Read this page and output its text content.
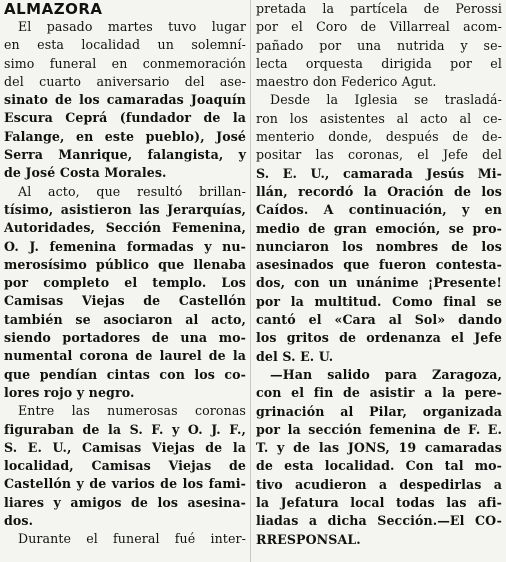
ALMAZORA
El pasado martes tuvo lugar
en esta localidad un solemní-
simo funeral en conmemoración
del cuarto aniversario del ase-
sinato de los camaradas Joaquín
Escura Ceprá (fundador de la
Falange, en este pueblo), José
Serra Manrique, falangista, y
de José Costa Morales.
Al acto, que resultó brillan-
tísimo, asistieron las Jerarquías,
Autoridades, Sección Femenina,
O. J. femenina formadas y nu-
merosísimo público que llenaba
por completo el templo. Los
Camisas Viejas de Castellón
también se asociaron al acto,
siendo portadores de una mo-
numental corona de laurel de la
que pendían cintas con los co-
lores rojo y negro.
Entre las numerosas coronas
figuraban de la S. F. y O. J. F.,
S. E. U., Camisas Viejas de la
localidad, Camisas Viejas de
Castellón y de varios de los fami-
liares y amigos de los asesina-
dos.
Durante el funeral fué inter-
pretada la partícela de Perossi
por el Coro de Villarreal acom-
pañado por una nutrida y se-
lecta orquesta dirigida por el
maestro don Federico Agut.
Desde la Iglesia se trasladá-
ron los asistentes al acto al ce-
menterio donde, después de de-
positar las coronas, el Jefe del
S. E. U., camarada Jesús Mi-
llán, recordó la Oración de los
Caídos. A continuación, y en
medio de gran emoción, se pro-
nunciaron los nombres de los
asesinados que fueron contesta-
dos, con un unánime ¡Presente!
por la multitud. Como final se
cantó el «Cara al Sol» dando
los gritos de ordenanza el Jefe
del S. E. U.
—Han salido para Zaragoza,
con el fin de asistir a la pere-
grinación al Pilar, organizada
por la sección femenina de F. E.
T. y de las JONS, 19 camaradas
de esta localidad. Con tal mo-
tivo acudieron a despedirlas a
la Jefatura local todas las afi-
liadas a dicha Sección.—El CO-
RRESPONSAL.
